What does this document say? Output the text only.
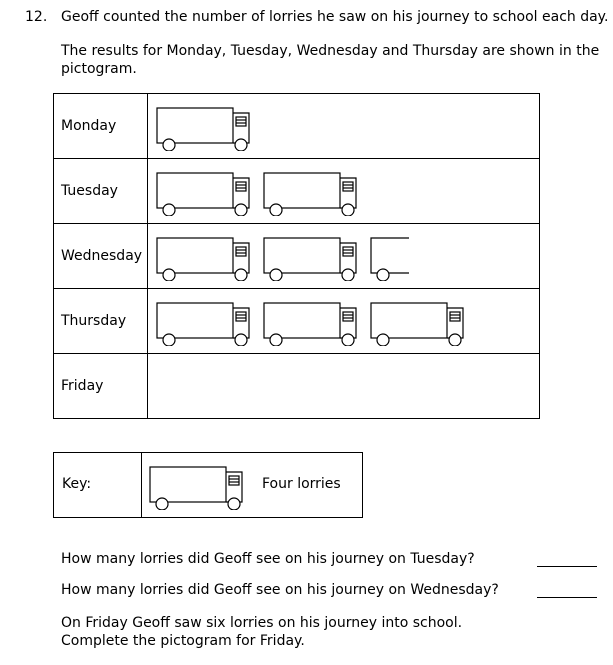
12. Geoff counted the number of lorries he saw on his journey to school each day.
The results for Monday, Tuesday, Wednesday and Thursday are shown in the
pictogram.
Monday	

Tuesday	

Wednesday	

Thursday	

Friday	
Key:	Four lorries
How many lorries did Geoff see on his journey on Tuesday?
How many lorries did Geoff see on his journey on Wednesday?
On Friday Geoff saw six lorries on his journey into school.
Complete the pictogram for Friday.
